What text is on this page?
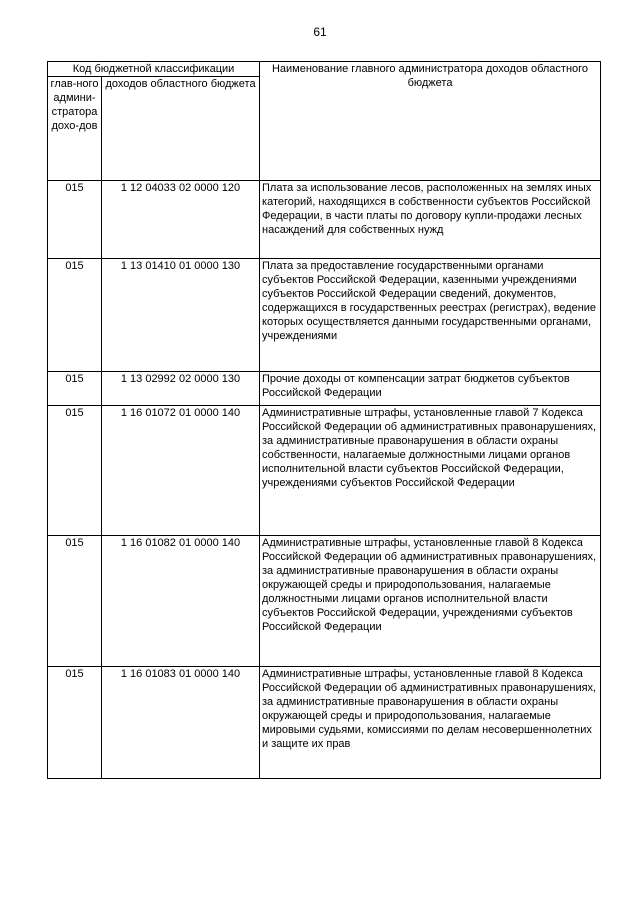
61
Код бюджетной классификации		Наименование главного администратора доходов областного бюджета
глав-ного админи-стратора дохо-дов	доходов областного бюджета	
015	1 12 04033 02 0000 120	Плата за использование лесов, расположенных на землях иных категорий, находящихся в собственности субъектов Российской Федерации, в части платы по договору купли-продажи лесных насаждений для собственных нужд
015	1 13 01410 01 0000 130	Плата за предоставление государственными органами субъектов Российской Федерации, казенными учреждениями субъектов Российской Федерации сведений, документов, содержащихся в государственных реестрах (регистрах), ведение которых осуществляется данными государственными органами, учреждениями
015	1 13 02992 02 0000 130	Прочие доходы от компенсации затрат бюджетов субъектов Российской Федерации
015	1 16 01072 01 0000 140	Административные штрафы, установленные главой 7 Кодекса Российской Федерации об административных правонарушениях, за административные правонарушения в области охраны собственности, налагаемые должностными лицами органов исполнительной власти субъектов Российской Федерации, учреждениями субъектов Российской Федерации
015	1 16 01082 01 0000 140	Административные штрафы, установленные главой 8 Кодекса Российской Федерации об административных правонарушениях, за административные правонарушения в области охраны окружающей среды и природопользования, налагаемые должностными лицами органов исполнительной власти субъектов Российской Федерации, учреждениями субъектов Российской Федерации
015	1 16 01083 01 0000 140	Административные штрафы, установленные главой 8 Кодекса Российской Федерации об административных правонарушениях, за административные правонарушения в области охраны окружающей среды и природопользования, налагаемые мировыми судьями, комиссиями по делам несовершеннолетних и защите их прав
